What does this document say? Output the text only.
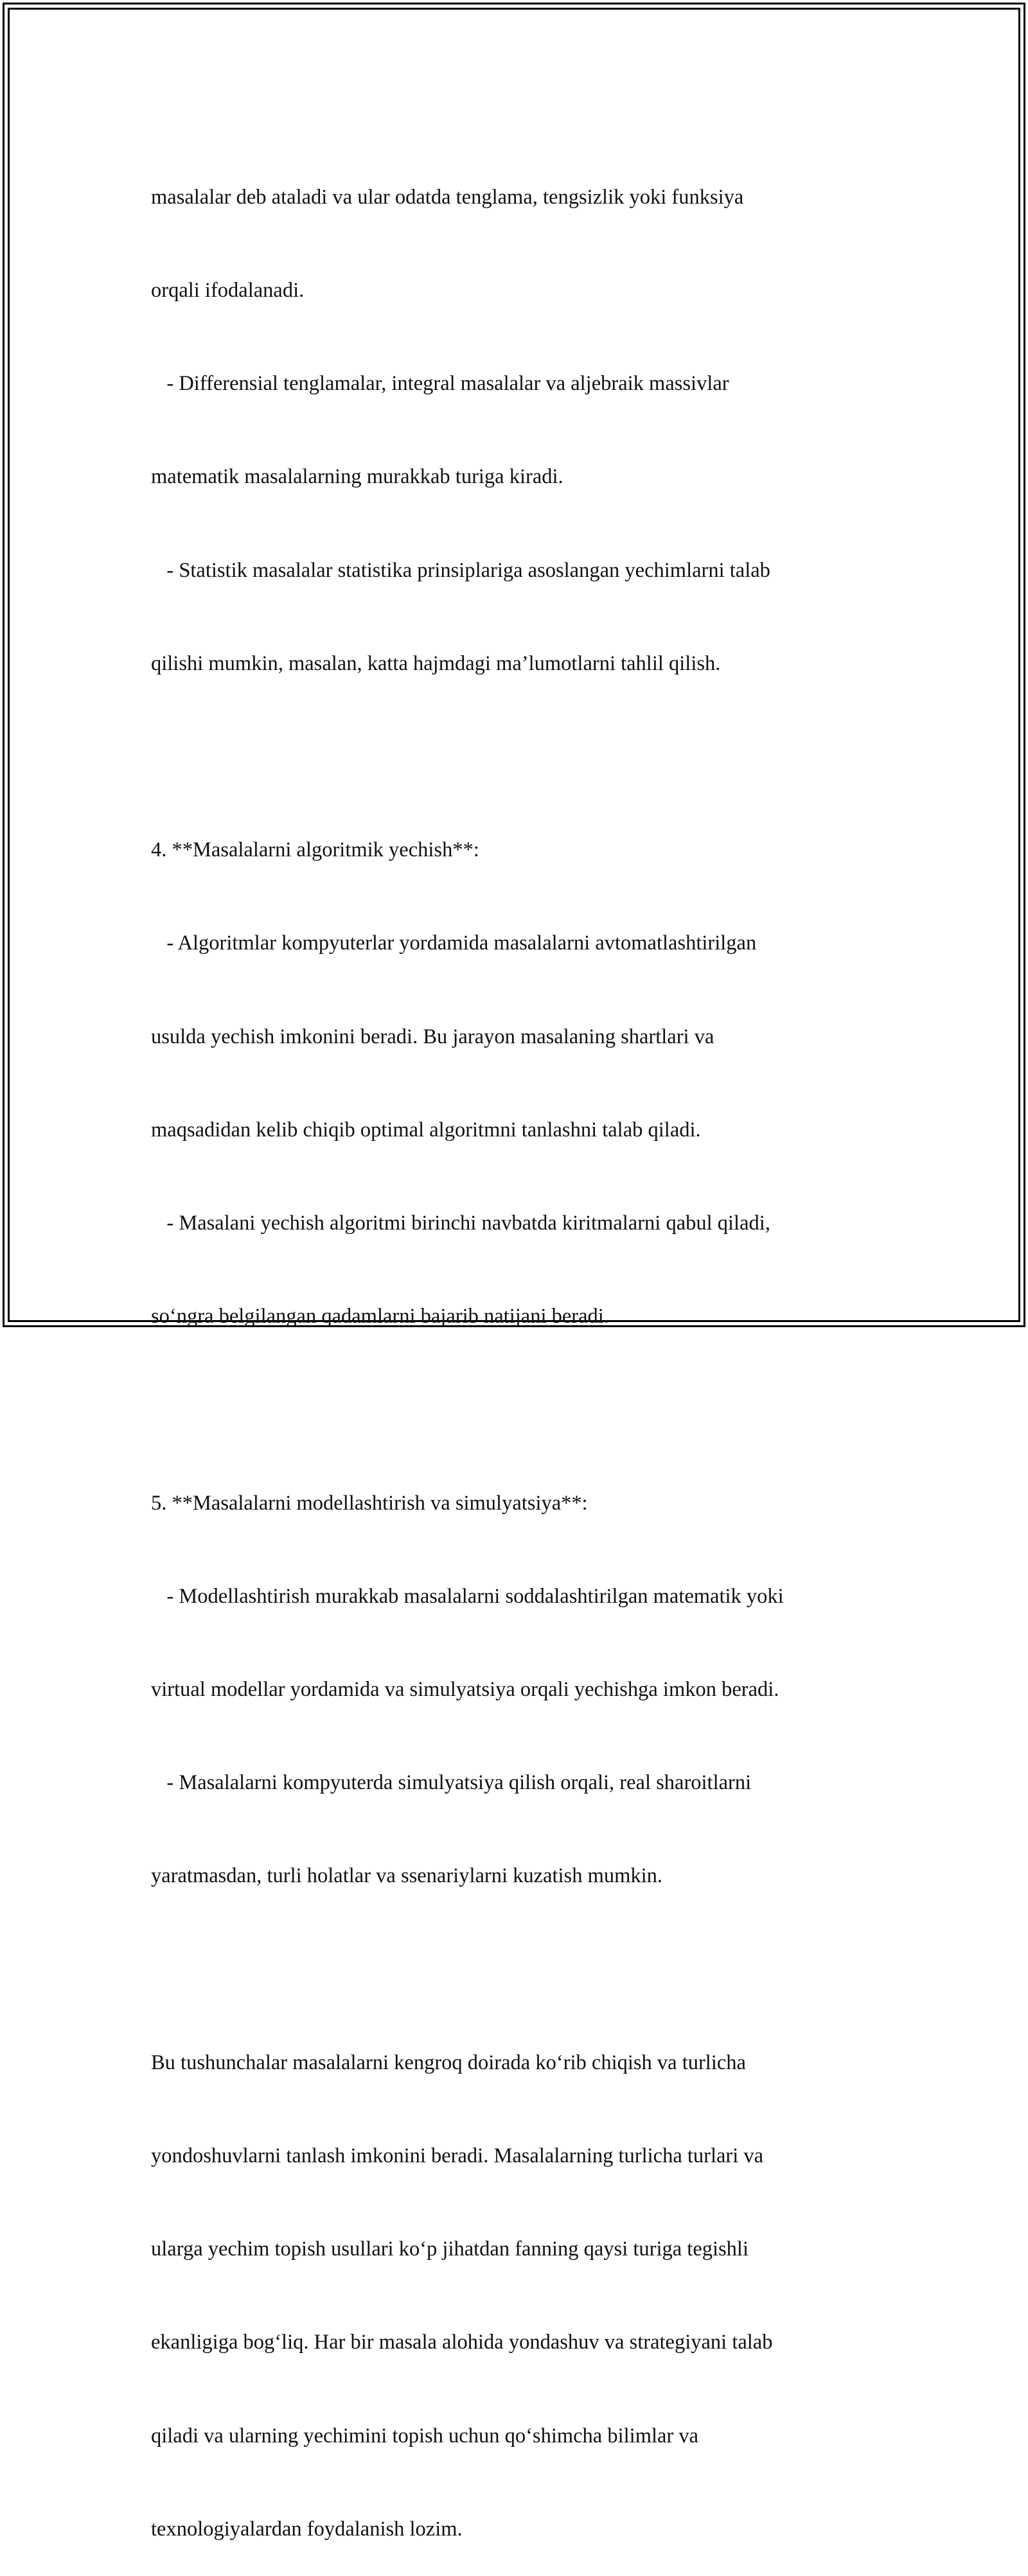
masalalar deb ataladi va ular odatda tenglama, tengsizlik yoki funksiya

orqali ifodalanadi.

- Differensial tenglamalar, integral masalalar va aljebraik massivlar

matematik masalalarning murakkab turiga kiradi.

- Statistik masalalar statistika prinsiplariga asoslangan yechimlarni talab

qilishi mumkin, masalan, katta hajmdagi ma’lumotlarni tahlil qilish.

4. **Masalalarni algoritmik yechish**:

- Algoritmlar kompyuterlar yordamida masalalarni avtomatlashtirilgan

usulda yechish imkonini beradi. Bu jarayon masalaning shartlari va

maqsadidan kelib chiqib optimal algoritmni tanlashni talab qiladi.

- Masalani yechish algoritmi birinchi navbatda kiritmalarni qabul qiladi,

so‘ngra belgilangan qadamlarni bajarib natijani beradi.

5. **Masalalarni modellashtirish va simulyatsiya**:

- Modellashtirish murakkab masalalarni soddalashtirilgan matematik yoki

virtual modellar yordamida va simulyatsiya orqali yechishga imkon beradi.

- Masalalarni kompyuterda simulyatsiya qilish orqali, real sharoitlarni

yaratmasdan, turli holatlar va ssenariylarni kuzatish mumkin.

Bu tushunchalar masalalarni kengroq doirada ko‘rib chiqish va turlicha

yondoshuvlarni tanlash imkonini beradi. Masalalarning turlicha turlari va

ularga yechim topish usullari ko‘p jihatdan fanning qaysi turiga tegishli

ekanligiga bog‘liq. Har bir masala alohida yondashuv va strategiyani talab

qiladi va ularning yechimini topish uchun qo‘shimcha bilimlar va

texnologiyalardan foydalanish lozim.
